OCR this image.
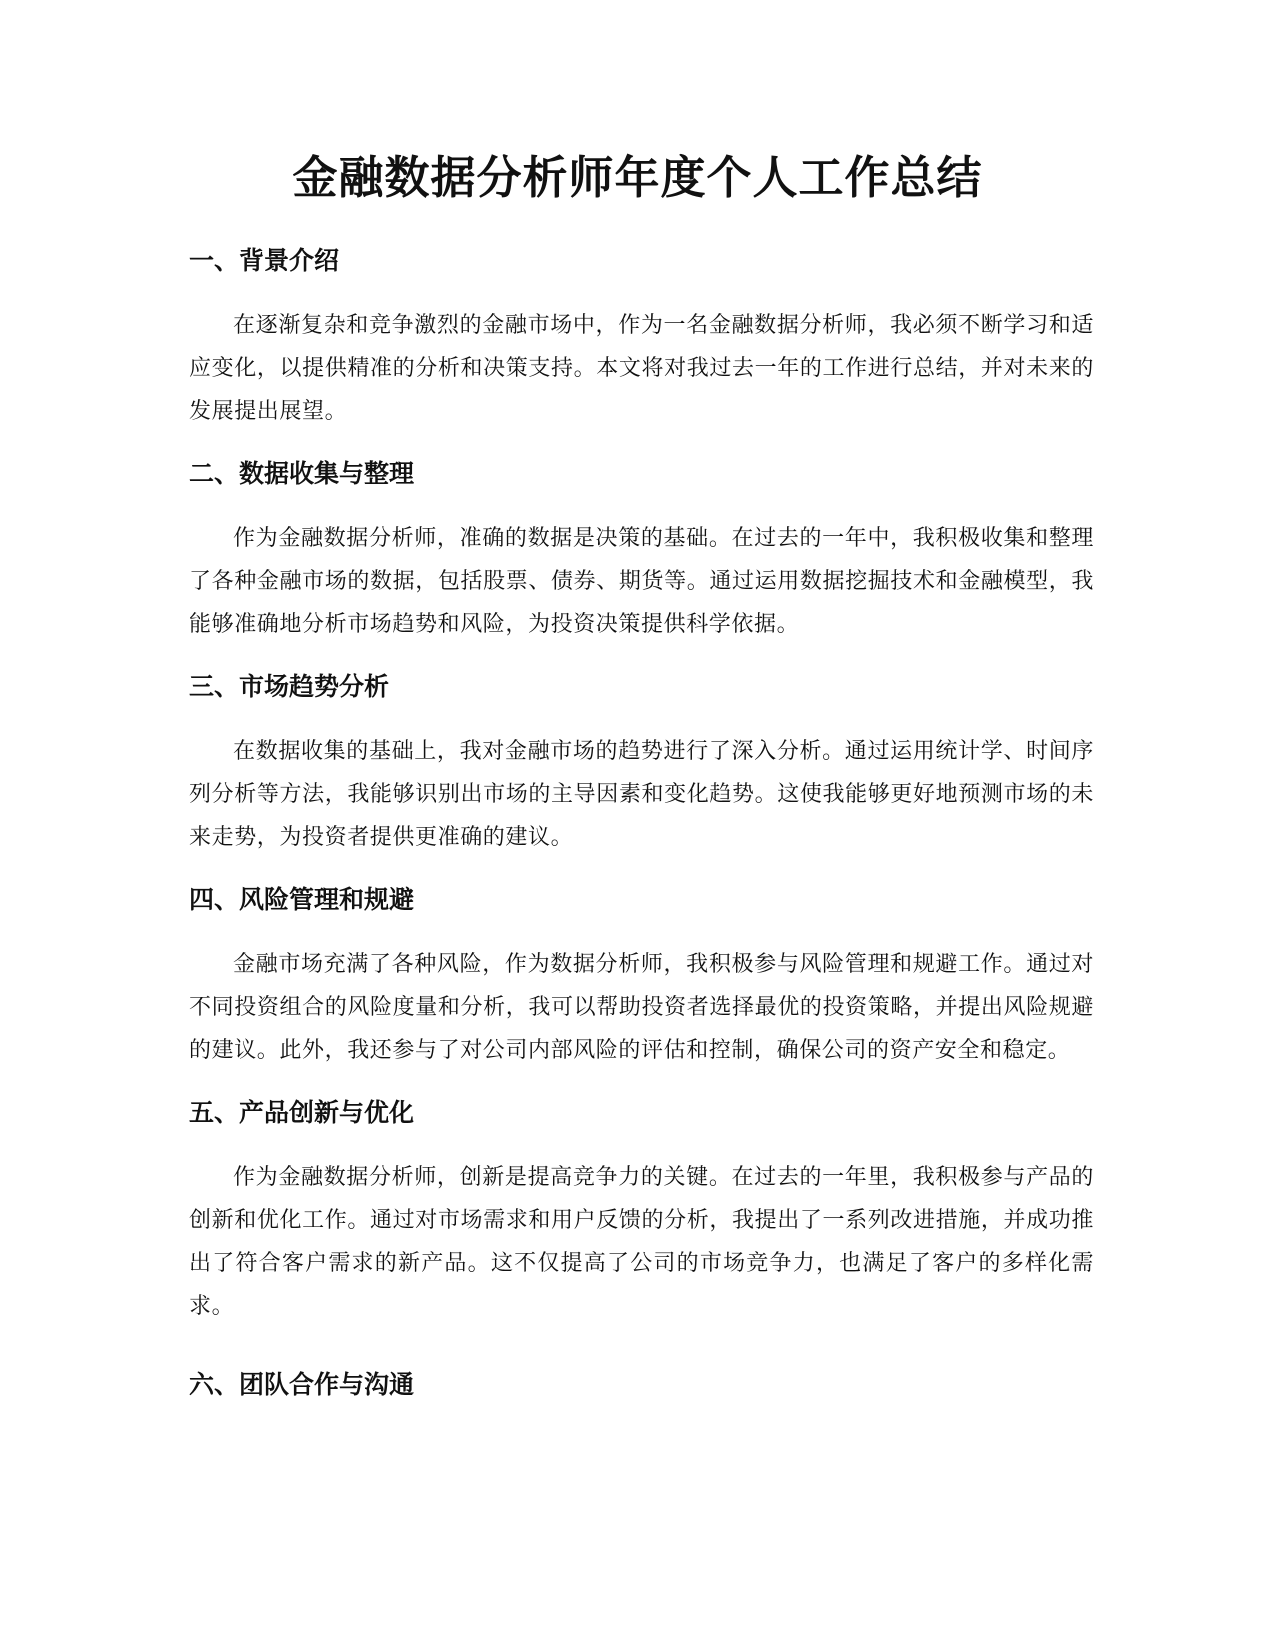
金融数据分析师年度个人工作总结
一、背景介绍

在逐渐复杂和竞争激烈的金融市场中，作为一名金融数据分析师，我必须不断学习和适应变化，以提供精准的分析和决策支持。本文将对我过去一年的工作进行总结，并对未来的发展提出展望。

二、数据收集与整理

作为金融数据分析师，准确的数据是决策的基础。在过去的一年中，我积极收集和整理了各种金融市场的数据，包括股票、债券、期货等。通过运用数据挖掘技术和金融模型，我能够准确地分析市场趋势和风险，为投资决策提供科学依据。

三、市场趋势分析

在数据收集的基础上，我对金融市场的趋势进行了深入分析。通过运用统计学、时间序列分析等方法，我能够识别出市场的主导因素和变化趋势。这使我能够更好地预测市场的未来走势，为投资者提供更准确的建议。

四、风险管理和规避

金融市场充满了各种风险，作为数据分析师，我积极参与风险管理和规避工作。通过对不同投资组合的风险度量和分析，我可以帮助投资者选择最优的投资策略，并提出风险规避的建议。此外，我还参与了对公司内部风险的评估和控制，确保公司的资产安全和稳定。

五、产品创新与优化

作为金融数据分析师，创新是提高竞争力的关键。在过去的一年里，我积极参与产品的创新和优化工作。通过对市场需求和用户反馈的分析，我提出了一系列改进措施，并成功推出了符合客户需求的新产品。这不仅提高了公司的市场竞争力，也满足了客户的多样化需求。

六、团队合作与沟通
